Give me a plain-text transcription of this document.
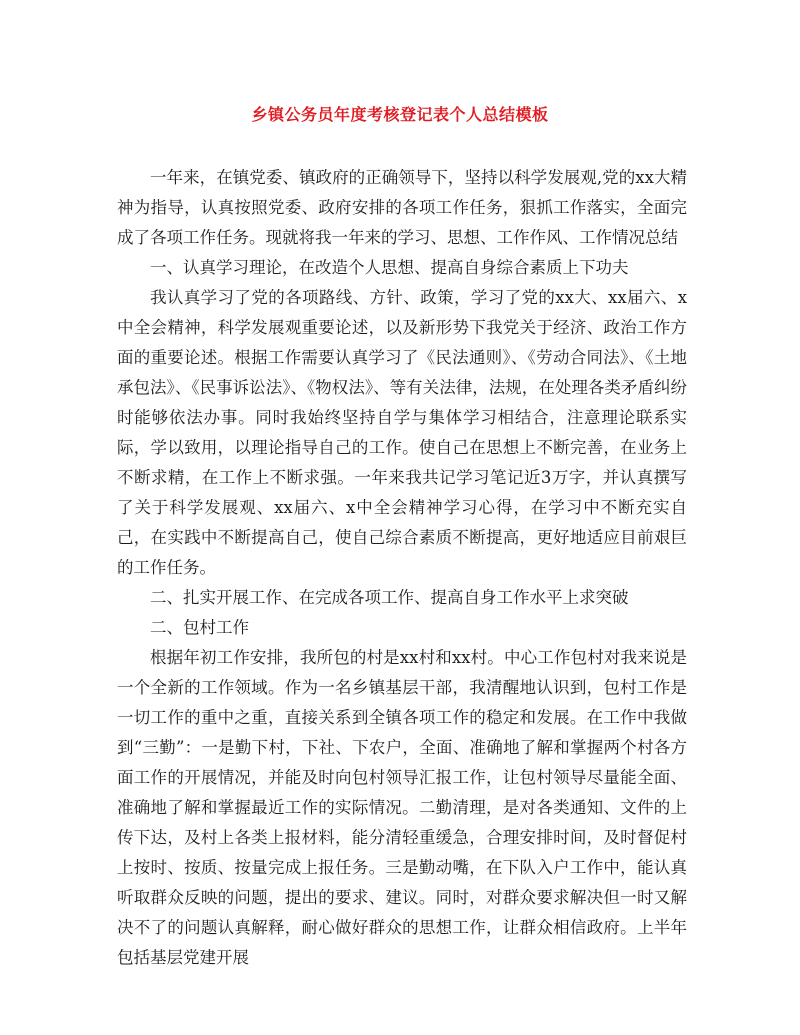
乡镇公务员年度考核登记表个人总结模板

一年来，在镇党委、镇政府的正确领导下，坚持以科学发展观,党的xx大精神为指导，认真按照党委、政府安排的各项工作任务，狠抓工作落实，全面完成了各项工作任务。现就将我一年来的学习、思想、工作作风、工作情况总结

一、认真学习理论，在改造个人思想、提高自身综合素质上下功夫

我认真学习了党的各项路线、方针、政策，学习了党的xx大、xx届六、x中全会精神，科学发展观重要论述，以及新形势下我党关于经济、政治工作方面的重要论述。根据工作需要认真学习了《民法通则》、《劳动合同法》、《土地承包法》、《民事诉讼法》、《物权法》、等有关法律，法规，在处理各类矛盾纠纷时能够依法办事。同时我始终坚持自学与集体学习相结合，注意理论联系实际，学以致用，以理论指导自己的工作。使自己在思想上不断完善，在业务上不断求精，在工作上不断求强。一年来我共记学习笔记近3万字，并认真撰写了关于科学发展观、xx届六、x中全会精神学习心得，在学习中不断充实自己，在实践中不断提高自己，使自己综合素质不断提高，更好地适应目前艰巨的工作任务。

二、扎实开展工作、在完成各项工作、提高自身工作水平上求突破

二、包村工作

根据年初工作安排，我所包的村是xx村和xx村。中心工作包村对我来说是一个全新的工作领域。作为一名乡镇基层干部，我清醒地认识到，包村工作是一切工作的重中之重，直接关系到全镇各项工作的稳定和发展。在工作中我做到“三勤”：一是勤下村，下社、下农户，全面、准确地了解和掌握两个村各方面工作的开展情况，并能及时向包村领导汇报工作，让包村领导尽量能全面、准确地了解和掌握最近工作的实际情况。二勤清理，是对各类通知、文件的上传下达，及村上各类上报材料，能分清轻重缓急，合理安排时间，及时督促村上按时、按质、按量完成上报任务。三是勤动嘴，在下队入户工作中，能认真听取群众反映的问题，提出的要求、建议。同时，对群众要求解决但一时又解决不了的问题认真解释，耐心做好群众的思想工作，让群众相信政府。上半年包括基层党建开展
